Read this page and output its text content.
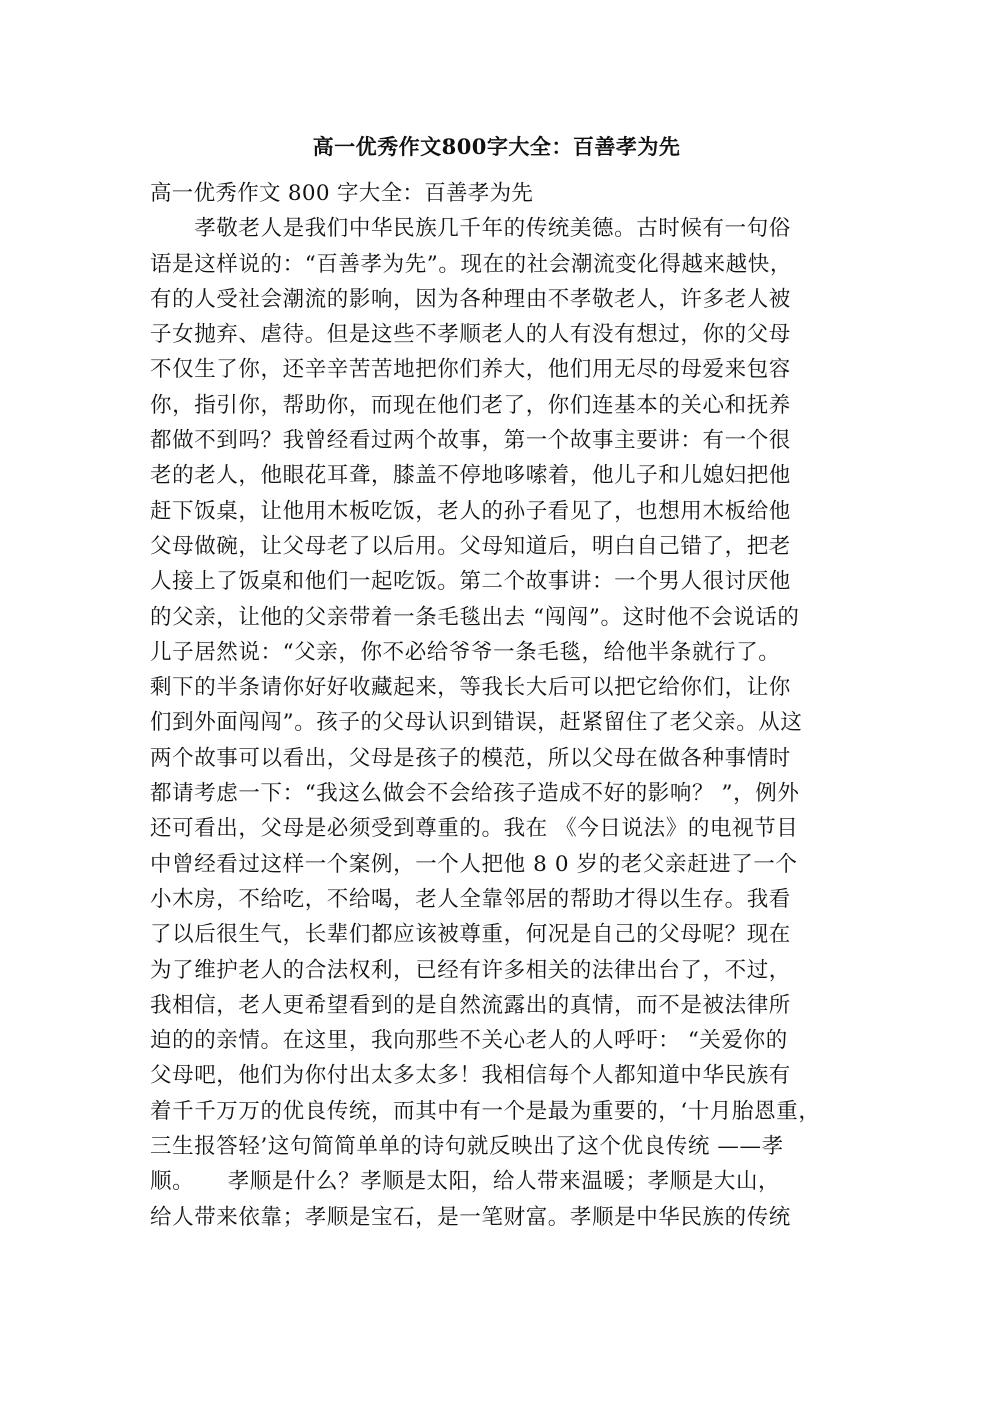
高一优秀作文800字大全：百善孝为先
高一优秀作文 800 字大全：百善孝为先
　　孝敬老人是我们中华民族几千年的传统美德。古时候有一句俗
语是这样说的：“百善孝为先”。现在的社会潮流变化得越来越快，
有的人受社会潮流的影响，因为各种理由不孝敬老人，许多老人被
子女抛弃、虐待。但是这些不孝顺老人的人有没有想过，你的父母
不仅生了你，还辛辛苦苦地把你们养大，他们用无尽的母爱来包容
你，指引你，帮助你，而现在他们老了，你们连基本的关心和抚养
都做不到吗？我曾经看过两个故事，第一个故事主要讲：有一个很
老的老人，他眼花耳聋，膝盖不停地哆嗦着，他儿子和儿媳妇把他
赶下饭桌，让他用木板吃饭，老人的孙子看见了，也想用木板给他
父母做碗，让父母老了以后用。父母知道后，明白自己错了，把老
人接上了饭桌和他们一起吃饭。第二个故事讲：一个男人很讨厌他
的父亲，让他的父亲带着一条毛毯出去 “闯闯”。这时他不会说话的
儿子居然说：“父亲，你不必给爷爷一条毛毯，给他半条就行了。
剩下的半条请你好好收藏起来，等我长大后可以把它给你们，让你
们到外面闯闯”。孩子的父母认识到错误，赶紧留住了老父亲。从这
两个故事可以看出，父母是孩子的模范，所以父母在做各种事情时
都请考虑一下：“我这么做会不会给孩子造成不好的影响？ ”，例外
还可看出，父母是必须受到尊重的。我在 《今日说法》的电视节目
中曾经看过这样一个案例，一个人把他 8 0 岁的老父亲赶进了一个
小木房，不给吃，不给喝，老人全靠邻居的帮助才得以生存。我看
了以后很生气，长辈们都应该被尊重，何况是自己的父母呢？现在
为了维护老人的合法权利，已经有许多相关的法律出台了，不过，
我相信，老人更希望看到的是自然流露出的真情，而不是被法律所
迫的的亲情。在这里，我向那些不关心老人的人呼吁： “关爱你的
父母吧，他们为你付出太多太多！我相信每个人都知道中华民族有
着千千万万的优良传统，而其中有一个是最为重要的，‘十月胎恩重，
三生报答轻’这句简简单单的诗句就反映出了这个优良传统 ——孝
顺。　　孝顺是什么？孝顺是太阳，给人带来温暖；孝顺是大山，
给人带来依靠；孝顺是宝石，是一笔财富。孝顺是中华民族的传统
